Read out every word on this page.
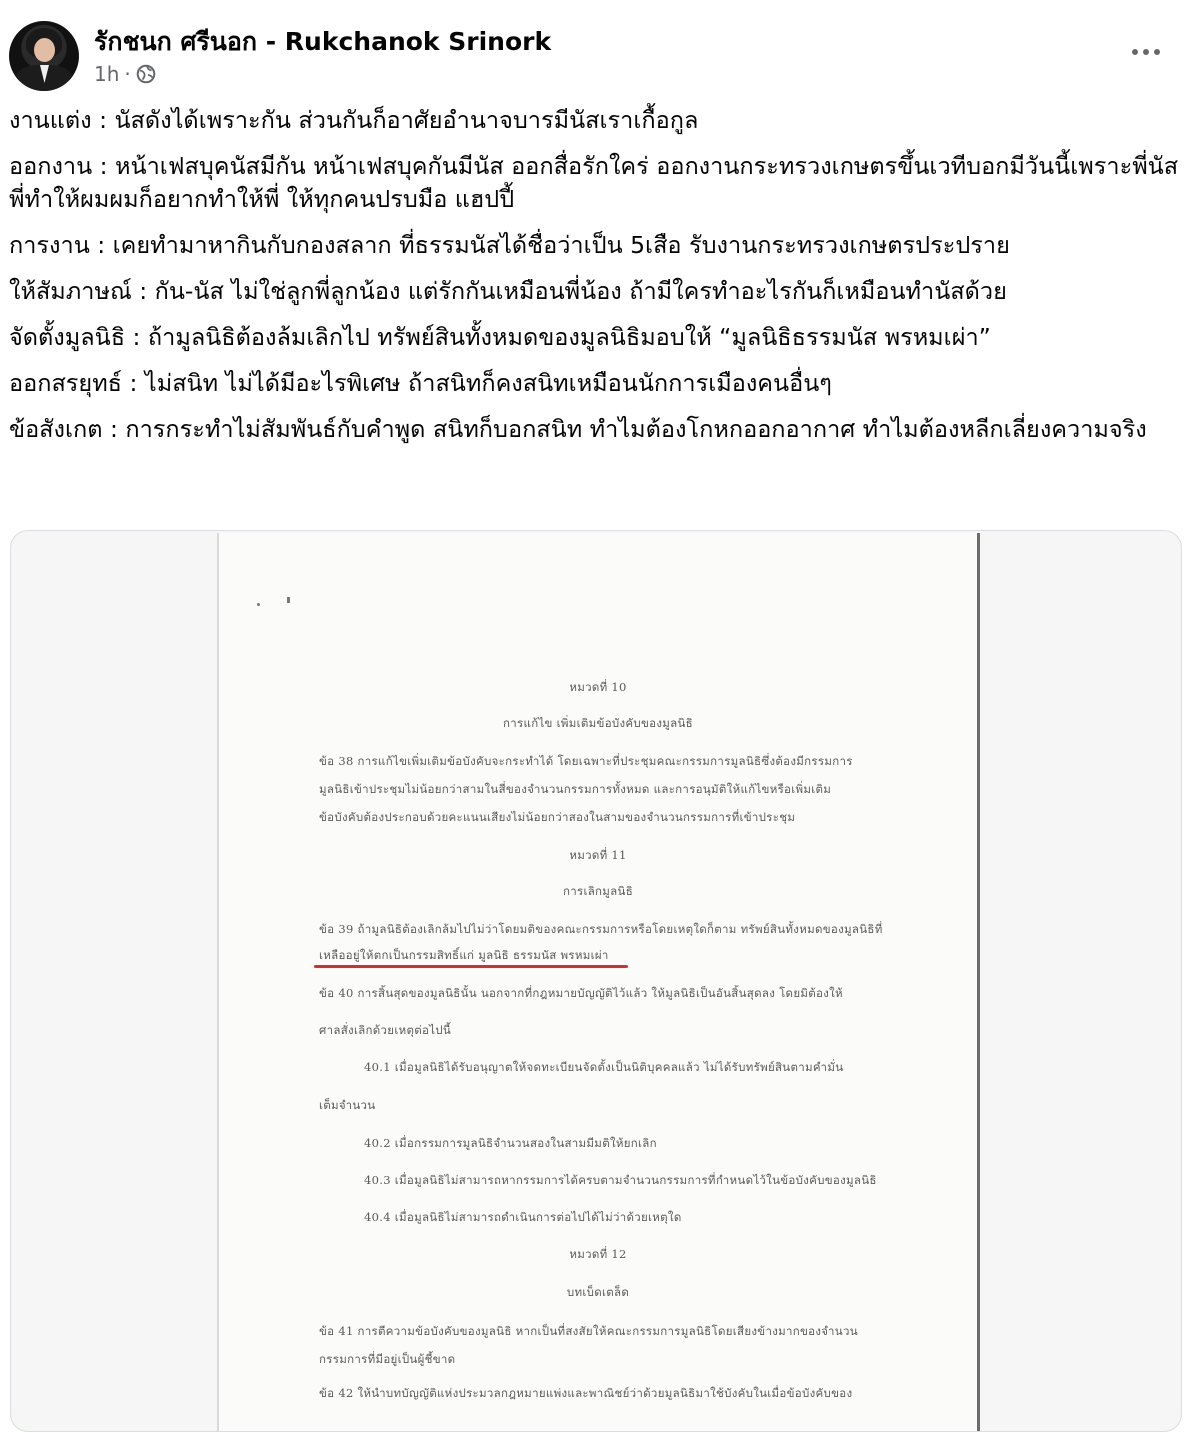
รักชนก ศรีนอก - Rukchanok Srinork
1h ·

งานแต่ง : นัสดังได้เพราะกัน ส่วนกันก็อาศัยอำนาจบารมีนัสเราเกื้อกูล

ออกงาน : หน้าเฟสบุคนัสมีกัน หน้าเฟสบุคกันมีนัส ออกสื่อรักใคร่ ออกงานกระทรวงเกษตรขึ้นเวทีบอกมีวันนี้เพราะพี่นัส พี่ทำให้ผมผมก็อยากทำให้พี่ ให้ทุกคนปรบมือ แฮปปี้

การงาน : เคยทำมาหากินกับกองสลาก ที่ธรรมนัสได้ชื่อว่าเป็น 5เสือ รับงานกระทรวงเกษตรประปราย

ให้สัมภาษณ์ : กัน-นัส ไม่ใช่ลูกพี่ลูกน้อง แต่รักกันเหมือนพี่น้อง ถ้ามีใครทำอะไรกันก็เหมือนทำนัสด้วย

จัดตั้งมูลนิธิ : ถ้ามูลนิธิต้องล้มเลิกไป ทรัพย์สินทั้งหมดของมูลนิธิมอบให้ “มูลนิธิธรรมนัส พรหมเผ่า”

ออกสรยุทธ์ : ไม่สนิท ไม่ได้มีอะไรพิเศษ ถ้าสนิทก็คงสนิทเหมือนนักการเมืองคนอื่นๆ

ข้อสังเกต : การกระทำไม่สัมพันธ์กับคำพูด สนิทก็บอกสนิท ทำไมต้องโกหกออกอากาศ ทำไมต้องหลีกเลี่ยงความจริง

หมวดที่ 10
การแก้ไข เพิ่มเติมข้อบังคับของมูลนิธิ
ข้อ 38 การแก้ไขเพิ่มเติมข้อบังคับจะกระทำได้ โดยเฉพาะที่ประชุมคณะกรรมการมูลนิธิซึ่งต้องมีกรรมการ
มูลนิธิเข้าประชุมไม่น้อยกว่าสามในสี่ของจำนวนกรรมการทั้งหมด และการอนุมัติให้แก้ไขหรือเพิ่มเติม
ข้อบังคับต้องประกอบด้วยคะแนนเสียงไม่น้อยกว่าสองในสามของจำนวนกรรมการที่เข้าประชุม
หมวดที่ 11
การเลิกมูลนิธิ
ข้อ 39 ถ้ามูลนิธิต้องเลิกล้มไปไม่ว่าโดยมติของคณะกรรมการหรือโดยเหตุใดก็ตาม ทรัพย์สินทั้งหมดของมูลนิธิที่
เหลืออยู่ให้ตกเป็นกรรมสิทธิ์แก่ มูลนิธิ ธรรมนัส พรหมเผ่า
ข้อ 40 การสิ้นสุดของมูลนิธินั้น นอกจากที่กฎหมายบัญญัติไว้แล้ว ให้มูลนิธิเป็นอันสิ้นสุดลง โดยมิต้องให้
ศาลสั่งเลิกด้วยเหตุต่อไปนี้
40.1 เมื่อมูลนิธิได้รับอนุญาตให้จดทะเบียนจัดตั้งเป็นนิติบุคคลแล้ว ไม่ได้รับทรัพย์สินตามคำมั่น
เต็มจำนวน
40.2 เมื่อกรรมการมูลนิธิจำนวนสองในสามมีมติให้ยกเลิก
40.3 เมื่อมูลนิธิไม่สามารถหากรรมการได้ครบตามจำนวนกรรมการที่กำหนดไว้ในข้อบังคับของมูลนิธิ
40.4 เมื่อมูลนิธิไม่สามารถดำเนินการต่อไปได้ไม่ว่าด้วยเหตุใด
หมวดที่ 12
บทเบ็ดเตล็ด
ข้อ 41 การตีความข้อบังคับของมูลนิธิ หากเป็นที่สงสัยให้คณะกรรมการมูลนิธิโดยเสียงข้างมากของจำนวน
กรรมการที่มีอยู่เป็นผู้ชี้ขาด
ข้อ 42 ให้นำบทบัญญัติแห่งประมวลกฎหมายแพ่งและพาณิชย์ว่าด้วยมูลนิธิมาใช้บังคับในเมื่อข้อบังคับของ
